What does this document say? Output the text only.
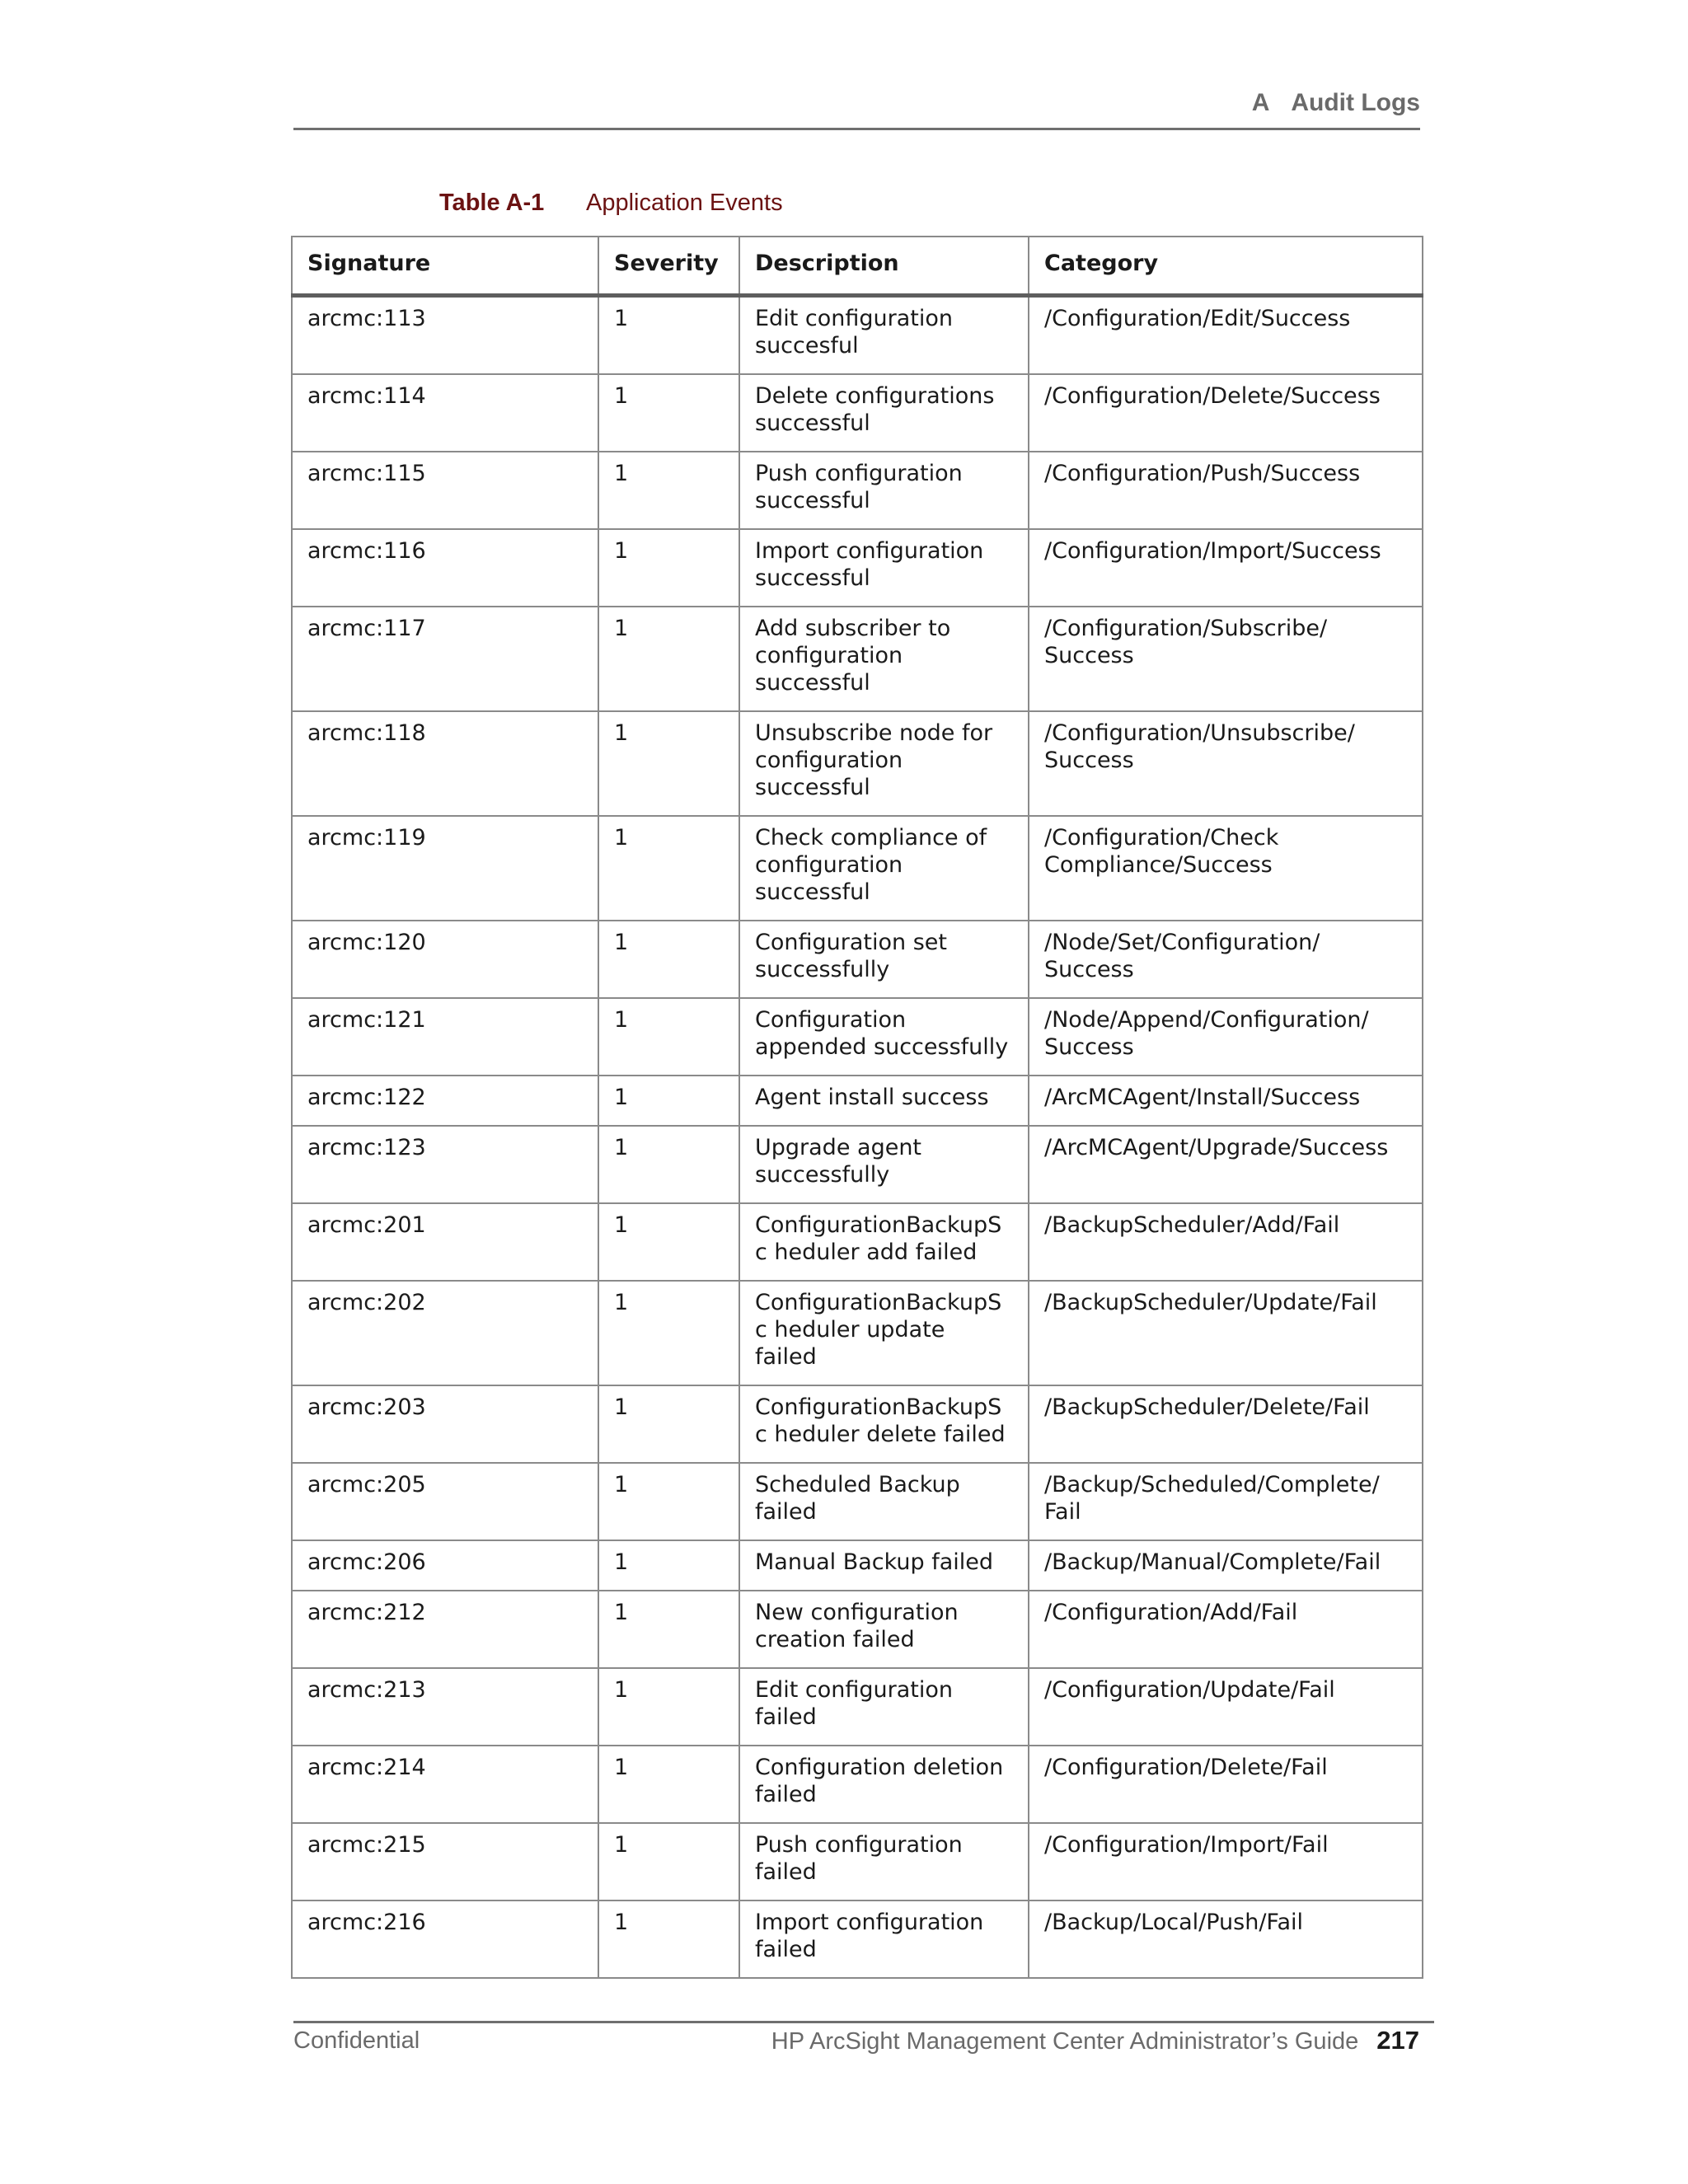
A Audit Logs
Table A-1 Application Events
Signature	Severity	Description	Category
arcmc:113	1	Edit configuration succesful	/Configuration/Edit/Success
arcmc:114	1	Delete configurations successful	/Configuration/Delete/Success
arcmc:115	1	Push configuration successful	/Configuration/Push/Success
arcmc:116	1	Import configuration successful	/Configuration/Import/Success
arcmc:117	1	Add subscriber to configuration successful	/Configuration/Subscribe/ Success
arcmc:118	1	Unsubscribe node for configuration successful	/Configuration/Unsubscribe/ Success
arcmc:119	1	Check compliance of configuration successful	/Configuration/Check Compliance/Success
arcmc:120	1	Configuration set successfully	/Node/Set/Configuration/ Success
arcmc:121	1	Configuration appended successfully	/Node/Append/Configuration/ Success
arcmc:122	1	Agent install success	/ArcMCAgent/Install/Success
arcmc:123	1	Upgrade agent successfully	/ArcMCAgent/Upgrade/Success
arcmc:201	1	ConfigurationBackupSc heduler add failed	/BackupScheduler/Add/Fail
arcmc:202	1	ConfigurationBackupSc heduler update failed	/BackupScheduler/Update/Fail
arcmc:203	1	ConfigurationBackupSc heduler delete failed	/BackupScheduler/Delete/Fail
arcmc:205	1	Scheduled Backup failed	/Backup/Scheduled/Complete/ Fail
arcmc:206	1	Manual Backup failed	/Backup/Manual/Complete/Fail
arcmc:212	1	New configuration creation failed	/Configuration/Add/Fail
arcmc:213	1	Edit configuration failed	/Configuration/Update/Fail
arcmc:214	1	Configuration deletion failed	/Configuration/Delete/Fail
arcmc:215	1	Push configuration failed	/Configuration/Import/Fail
arcmc:216	1	Import configuration failed	/Backup/Local/Push/Fail
Confidential	HP ArcSight Management Center Administrator’s Guide 217
